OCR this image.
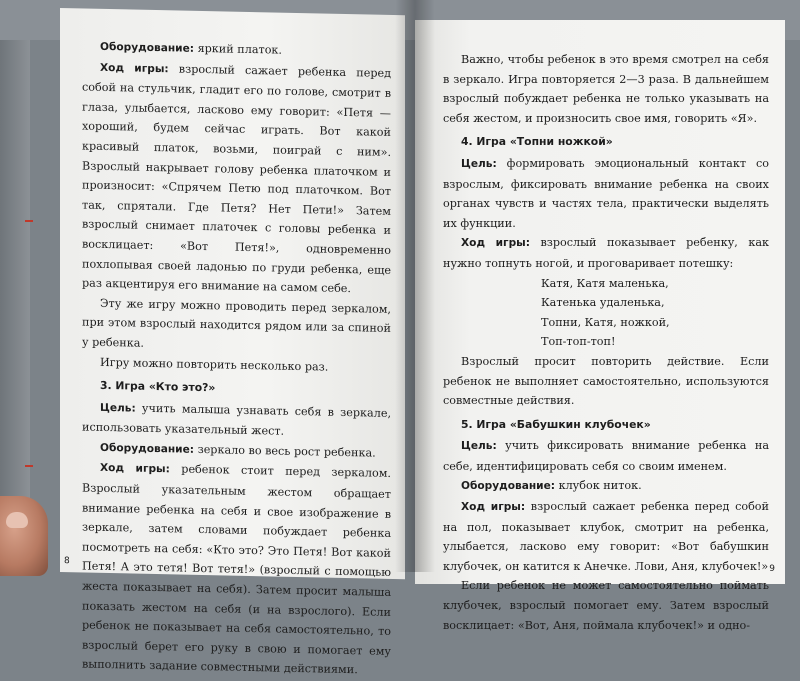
Оборудование: яркий платок.

Ход игры: взрослый сажает ребенка перед собой на стульчик, гладит его по голове, смотрит в глаза, улыбается, ласково ему говорит: «Петя — хороший, будем сейчас играть. Вот какой красивый платок, возьми, поиграй с ним». Взрослый накрывает голову ребенка платочком и произносит: «Спрячем Петю под платочком. Вот так, спрятали. Где Петя? Нет Пети!» Затем взрослый снимает платочек с головы ребенка и восклицает: «Вот Петя!», одновременно похлопывая своей ладонью по груди ребенка, еще раз акцентируя его внимание на самом себе.

Эту же игру можно проводить перед зеркалом, при этом взрослый находится рядом или за спиной у ребенка.

Игру можно повторить несколько раз.

3. Игра «Кто это?»

Цель: учить малыша узнавать себя в зеркале, использовать указательный жест.

Оборудование: зеркало во весь рост ребенка.

Ход игры: ребенок стоит перед зеркалом. Взрослый указательным жестом обращает внимание ребенка на себя и свое изображение в зеркале, затем словами побуждает ребенка посмотреть на себя: «Кто это? Это Петя! Вот какой Петя! А это тетя! Вот тетя!» (взрослый с помощью жеста показывает на себя). Затем просит малыша показать жестом на себя (и на взрослого). Если ребенок не показывает на себя самостоятельно, то взрослый берет его руку в свою и помогает ему выполнить задание совместными действиями.

8

Важно, чтобы ребенок в это время смотрел на себя в зеркало. Игра повторяется 2—3 раза. В дальнейшем взрослый побуждает ребенка не только указывать на себя жестом, и произносить свое имя, говорить «Я».

4. Игра «Топни ножкой»

Цель: формировать эмоциональный контакт со взрослым, фиксировать внимание ребенка на своих органах чувств и частях тела, практически выделять их функции.

Ход игры: взрослый показывает ребенку, как нужно топнуть ногой, и проговаривает потешку:

Катя, Катя маленька,

Катенька удаленька,

Топни, Катя, ножкой,

Топ-топ-топ!

Взрослый просит повторить действие. Если ребенок не выполняет самостоятельно, используются совместные действия.

5. Игра «Бабушкин клубочек»

Цель: учить фиксировать внимание ребенка на себе, идентифицировать себя со своим именем.

Оборудование: клубок ниток.

Ход игры: взрослый сажает ребенка перед собой на пол, показывает клубок, смотрит на ребенка, улыбается, ласково ему говорит: «Вот бабушкин клубочек, он катится к Анечке. Лови, Аня, клубочек!»

Если ребенок не может самостоятельно поймать клубочек, взрослый помогает ему. Затем взрослый восклицает: «Вот, Аня, поймала клубочек!» и одно-

9
